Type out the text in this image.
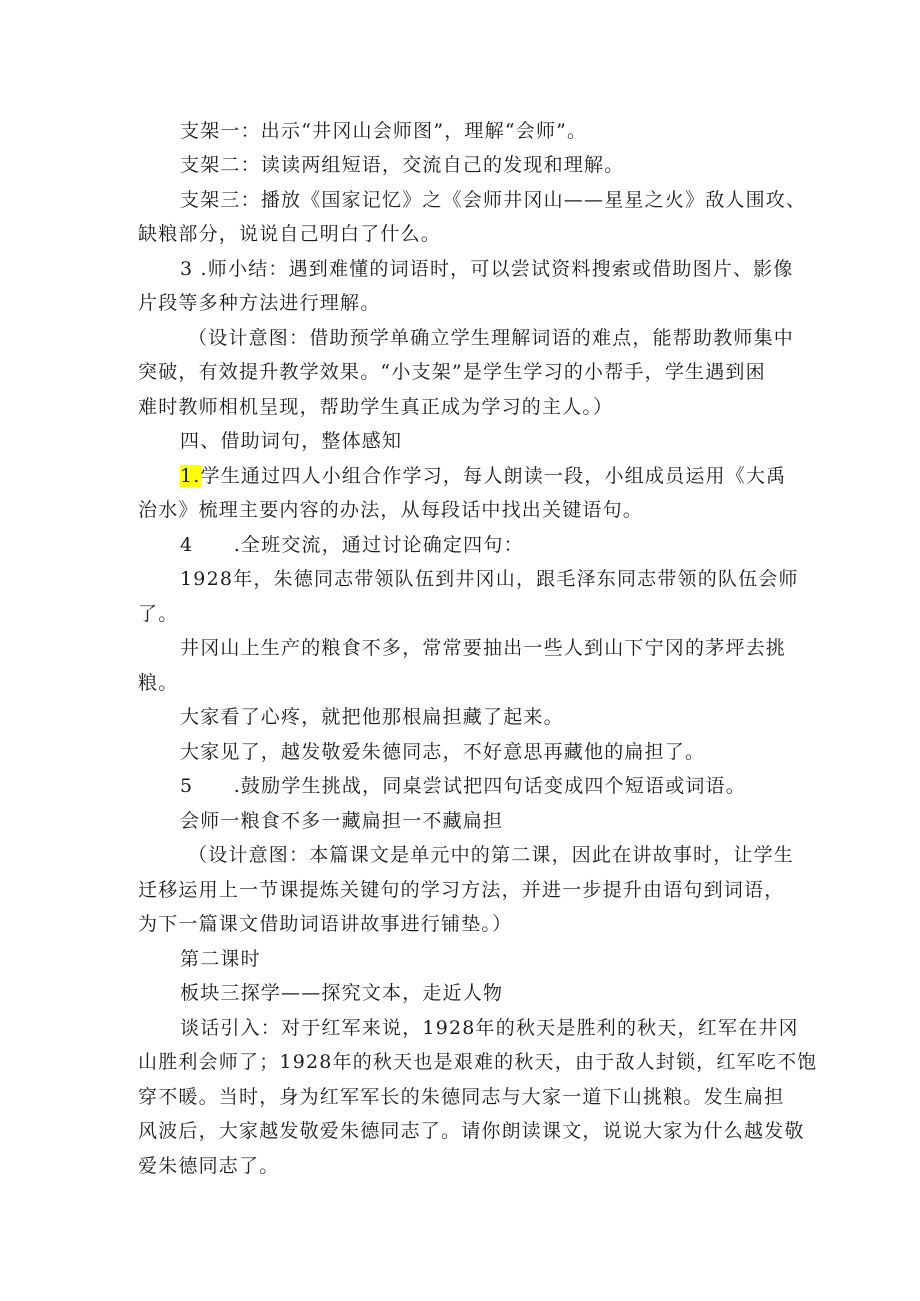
支架一：出示“井冈山会师图”，理解“会师”。
支架二：读读两组短语，交流自己的发现和理解。
支架三：播放《国家记忆》之《会师井冈山——星星之火》敌人围攻、
缺粮部分，说说自己明白了什么。
3 .师小结：遇到难懂的词语时，可以尝试资料搜索或借助图片、影像
片段等多种方法进行理解。
（设计意图：借助预学单确立学生理解词语的难点，能帮助教师集中
突破，有效提升教学效果。“小支架”是学生学习的小帮手，学生遇到困
难时教师相机呈现，帮助学生真正成为学习的主人。）
四、借助词句，整体感知
1.学生通过四人小组合作学习，每人朗读一段，小组成员运用《大禹
治水》梳理主要内容的办法，从每段话中找出关键语句。
4　　.全班交流，通过讨论确定四句：
1928年，朱德同志带领队伍到井冈山，跟毛泽东同志带领的队伍会师
了。
井冈山上生产的粮食不多，常常要抽出一些人到山下宁冈的茅坪去挑
粮。
大家看了心疼，就把他那根扁担藏了起来。
大家见了，越发敬爱朱德同志，不好意思再藏他的扁担了。
5　　.鼓励学生挑战，同桌尝试把四句话变成四个短语或词语。
会师一粮食不多一藏扁担一不藏扁担
（设计意图：本篇课文是单元中的第二课，因此在讲故事时，让学生
迁移运用上一节课提炼关键句的学习方法，并进一步提升由语句到词语，
为下一篇课文借助词语讲故事进行铺垫。）
第二课时
板块三探学——探究文本，走近人物
谈话引入：对于红军来说，1928年的秋天是胜利的秋天，红军在井冈
山胜利会师了；1928年的秋天也是艰难的秋天，由于敌人封锁，红军吃不饱
穿不暖。当时，身为红军军长的朱德同志与大家一道下山挑粮。发生扁担
风波后，大家越发敬爱朱德同志了。请你朗读课文，说说大家为什么越发敬
爱朱德同志了。
